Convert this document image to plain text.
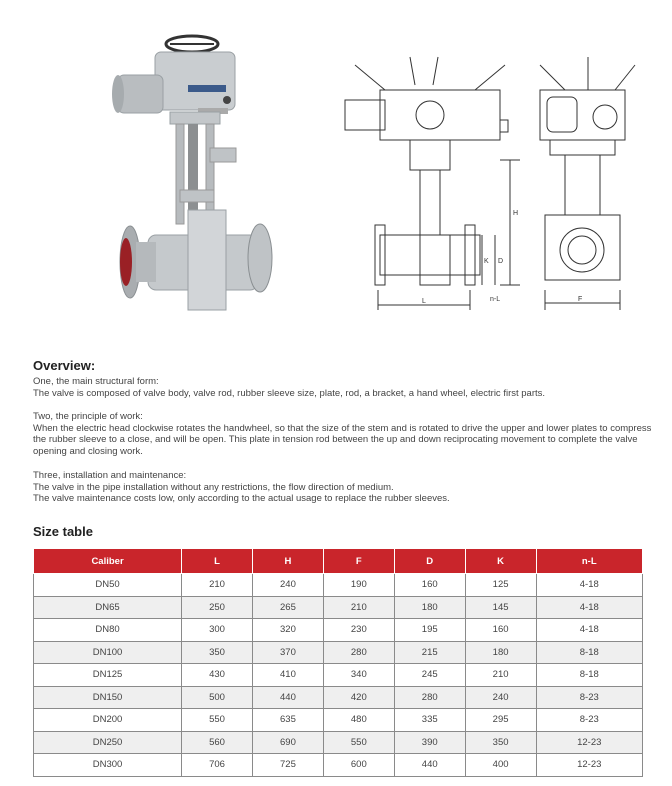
H
D
K
L	n-L	F
Overview:
One, the main structural form:
The valve is composed of valve body, valve rod, rubber sleeve size, plate, rod, a bracket, a hand wheel, electric first parts.
Two, the principle of work:
When the electric head clockwise rotates the handwheel, so that the size of the stem and is rotated to drive the upper and lower plates to compress the rubber sleeve to a close, and will be open. This plate in tension rod between the up and down reciprocating movement to complete the valve opening and closing work.
Three, installation and maintenance:
The valve in the pipe installation without any restrictions, the flow direction of medium.
The valve maintenance costs low, only according to the actual usage to replace the rubber sleeves.
Size table
Caliber	L	H	F	D	K	n-L
DN50	210	240	190	160	125	4-18
DN65	250	265	210	180	145	4-18
DN80	300	320	230	195	160	4-18
DN100	350	370	280	215	180	8-18
DN125	430	410	340	245	210	8-18
DN150	500	440	420	280	240	8-23
DN200	550	635	480	335	295	8-23
DN250	560	690	550	390	350	12-23
DN300	706	725	600	440	400	12-23
